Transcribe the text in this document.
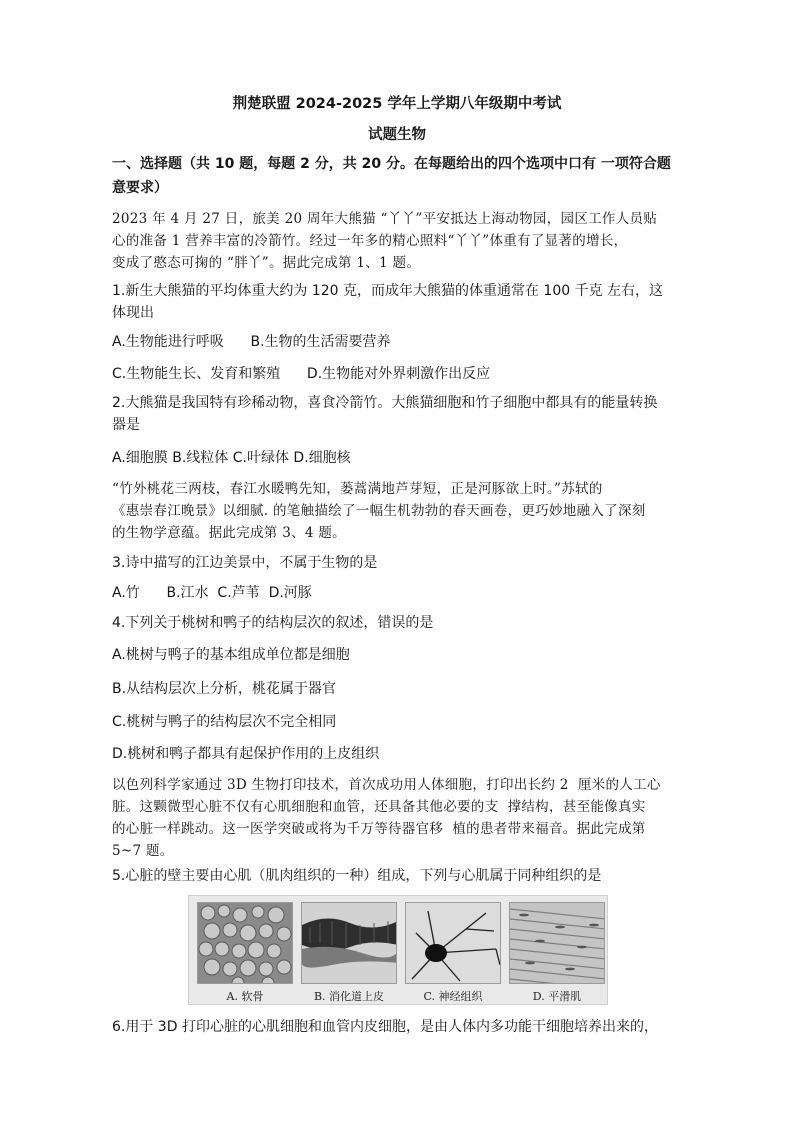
荆楚联盟 2024-2025 学年上学期八年级期中考试

试题生物

一、选择题（共 10 题，每题 2 分，共 20 分。在每题给出的四个选项中口有 一项符合题

意要求）

2023 年 4 月 27 日，旅美 20 周年大熊猫 “丫丫”平安抵达上海动物园，园区工作人员贴

心的准备 1 营养丰富的冷箭竹。经过一年多的精心照料“丫丫”体重有了显著的增长，

变成了憨态可掬的 “胖丫”。据此完成第 1、1 题。

1.新生大熊猫的平均体重大约为 120 克，而成年大熊猫的体重通常在 100 千克 左右，这

体现出

A.生物能进行呼吸      B.生物的生活需要营养

C.生物能生长、发育和繁殖      D.生物能对外界刺激作出反应

2.大熊猫是我国特有珍稀动物，喜食冷箭竹。大熊猫细胞和竹子细胞中都具有的能量转换

器是

A.细胞膜 B.线粒体 C.叶绿体 D.细胞核

“竹外桃花三两枝，春江水暖鸭先知，蒌蒿满地芦芽短，正是河豚欲上时。”苏轼的

《惠崇春江晚景》以细腻. 的笔触描绘了一幅生机勃勃的春天画卷，更巧妙地融入了深刻

的生物学意蕴。据此完成第 3、4 题。

3.诗中描写的江边美景中，不属于生物的是

A.竹      B.江水  C.芦苇  D.河豚

4.下列关于桃树和鸭子的结构层次的叙述，错误的是

A.桃树与鸭子的基本组成单位都是细胞

B.从结构层次上分析，桃花属于器官

C.桃树与鸭子的结构层次不完全相同

D.桃树和鸭子都具有起保护作用的上皮组织

以色列科学家通过 3D 生物打印技术，首次成功用人体细胞，打印出长约 2  厘米的人工心

脏。这颗微型心脏不仅有心肌细胞和血管，还具备其他必要的支  撑结构，甚至能像真实

的心脏一样跳动。这一医学突破或将为千万等待器官移  植的患者带来福音。据此完成第

5~7 题。

5.心脏的壁主要由心肌（肌肉组织的一种）组成，下列与心肌属于同种组织的是

A. 软骨	B. 消化道上皮	C. 神经组织	D. 平滑肌

6.用于 3D 打印心脏的心肌细胞和血管内皮细胞，是由人体内多功能干细胞培养出来的，
